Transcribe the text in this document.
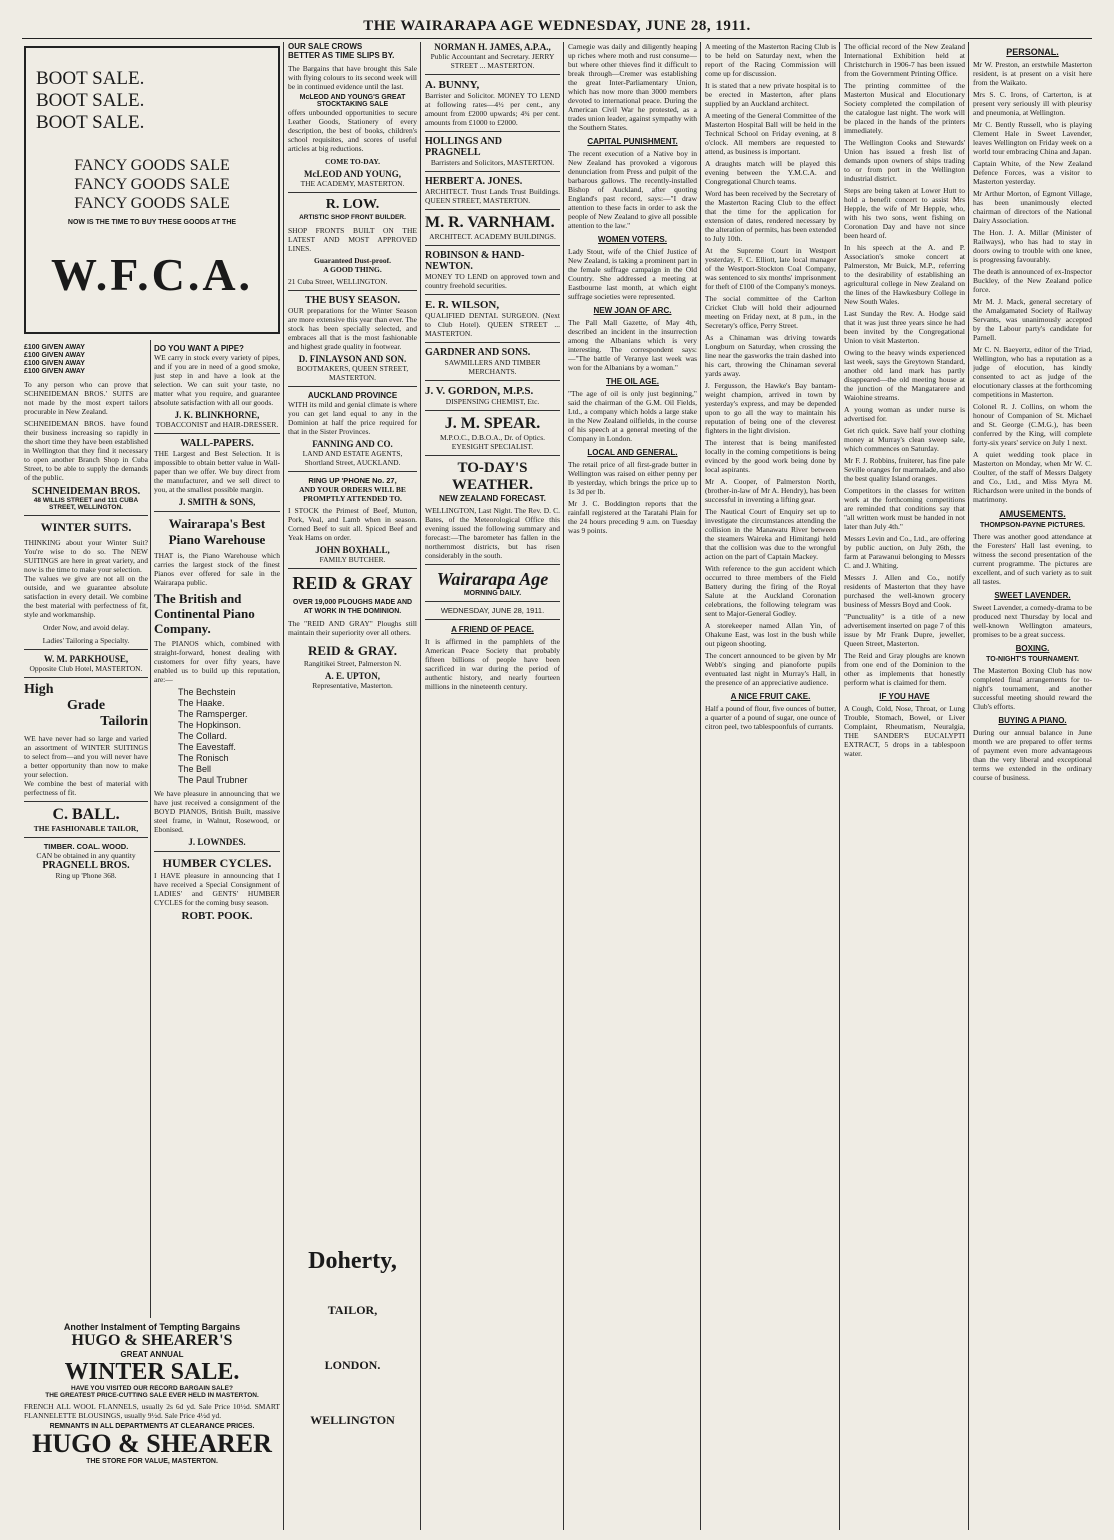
THE WAIRARAPA AGE WEDNESDAY, JUNE 28, 1911.
BOOT SALE.
BOOT SALE.
BOOT SALE.
FANCY GOODS SALE
FANCY GOODS SALE
FANCY GOODS SALE
NOW IS THE TIME TO BUY THESE GOODS AT THE
W.F.C.A.
£100 GIVEN AWAY
£100 GIVEN AWAY
£100 GIVEN AWAY
£100 GIVEN AWAY

To any person who can prove that SCHNEIDEMAN BROS.' SUITS are not made by the most expert tailors procurable in New Zealand.

SCHNEIDEMAN BROS. have found their business increasing so rapidly in the short time they have been established in Wellington that they find it necessary to open another Branch Shop in Cuba Street, to be able to supply the demands of the public.

SCHNEIDEMAN BROS.
48 WILLIS STREET and 111 CUBA STREET, WELLINGTON.
WINTER SUITS.

THINKING about your Winter Suit? You're wise to do so. The NEW SUITINGS are here in great variety, and now is the time to make your selection.

The values we give are not all on the outside, and we guarantee absolute satisfaction in every detail. We combine the best material with perfectness of fit, style and workmanship.

Order Now, and avoid delay.

Ladies' Tailoring a Specialty.

W. M. PARKHOUSE,

Opposite Club Hotel, MASTERTON.

High
Grade
Tailorin

WE have never had so large and varied an assortment of WINTER SUITINGS to select from—and you will never have a better opportunity than now to make your selection.

We combine the best of material with perfectness of fit.

C. BALL.

THE FASHIONABLE TAILOR,

TIMBER. COAL. WOOD.

CAN be obtained in any quantity

PRAGNELL BROS.

Ring up 'Phone 368.

DO YOU WANT A PIPE?

WE carry in stock every variety of pipes, and if you are in need of a good smoke, just step in and have a look at the selection. We can suit your taste, no matter what you require, and guarantee absolute satisfaction with all our goods.

J. K. BLINKHORNE,

TOBACCONIST and HAIR-DRESSER.

WALL-PAPERS.

THE Largest and Best Selection. It is impossible to obtain better value in Wall-paper than we offer. We buy direct from the manufacturer, and we sell direct to you, at the smallest possible margin.

J. SMITH & SONS,
Wairarapa's Best
Piano Warehouse

THAT is, the Piano Warehouse which carries the largest stock of the finest Pianos ever offered for sale in the Wairarapa public.

The British and Continental Piano Company.

The PIANOS which, combined with straight-forward, honest dealing with customers for over fifty years, have enabled us to build up this reputation, are:—

The Bechstein
The Haake.
The Ramsperger.
The Hopkinson.
The Collard.
The Eavestaff.
The Ronisch
The Bell
The Paul Trubner

We have pleasure in announcing that we have just received a consignment of the BOYD PIANOS, British Built, massive steel frame, in Walnut, Rosewood, or Ebonised.

J. LOWNDES.
HUMBER CYCLES.

I HAVE pleasure in announcing that I have received a Special Consignment of LADIES' and GENTS' HUMBER CYCLES for the coming busy season.

ROBT. POOK.
Another Instalment of Tempting Bargains
HUGO & SHEARER'S
GREAT ANNUAL
WINTER SALE.
HAVE YOU VISITED OUR RECORD BARGAIN SALE?
THE GREATEST PRICE-CUTTING SALE EVER HELD IN MASTERTON.

FRENCH ALL WOOL FLANNELS, usually 2s 6d yd. Sale Price 10½d. SMART FLANNELETTE BLOUSINGS, usually 9½d. Sale Price 4½d yd.

REMNANTS IN ALL DEPARTMENTS AT CLEARANCE PRICES.
HUGO & SHEARER
THE STORE FOR VALUE, MASTERTON.
OUR SALE CROWS
BETTER AS TIME SLIPS BY.

The Bargains that have brought this Sale with flying colours to its second week will be in continued evidence until the last.

McLEOD AND YOUNG'S GREAT STOCKTAKING SALE

offers unbounded opportunities to secure Leather Goods, Stationery of every description, the best of books, children's school requisites, and scores of useful articles at big reductions.

COME TO-DAY.

McLEOD AND YOUNG,

THE ACADEMY, MASTERTON.

R. LOW.

ARTISTIC SHOP FRONT BUILDER.

SHOP FRONTS BUILT ON THE LATEST AND MOST APPROVED LINES.

Guaranteed Dust-proof.

A GOOD THING.

21 Cuba Street, WELLINGTON.

THE BUSY SEASON.

OUR preparations for the Winter Season are more extensive this year than ever. The stock has been specially selected, and embraces all that is the most fashionable and highest grade quality in footwear.

D. FINLAYSON AND SON.

BOOTMAKERS, QUEEN STREET, MASTERTON.

AUCKLAND PROVINCE

WITH its mild and genial climate is where you can get land equal to any in the Dominion at half the price required for that in the Sister Provinces.

FANNING AND CO.

LAND AND ESTATE AGENTS, Shortland Street, AUCKLAND.

RING UP 'PHONE No. 27,

AND YOUR ORDERS WILL BE PROMPTLY ATTENDED TO.

I STOCK the Primest of Beef, Mutton, Pork, Veal, and Lamb when in season. Corned Beef to suit all. Spiced Beef and Yeak Hams on order.

JOHN BOXHALL,

FAMILY BUTCHER.

REID & GRAY

OVER 19,000 PLOUGHS MADE AND AT WORK IN THE DOMINION.

The "REID AND GRAY" Ploughs still maintain their superiority over all others.

REID & GRAY.

Rangitikei Street, Palmerston N.

A. E. UPTON,

Representative, Masterton.

NORMAN H. JAMES, A.P.A.,

Public Accountant and Secretary. JERRY STREET ... MASTERTON.

A. BUNNY,

Barrister and Solicitor. MONEY TO LEND at following rates—4½ per cent., any amount from £2000 upwards; 4¾ per cent. amounts from £1000 to £2000.

HOLLINGS AND PRAGNELL

Barristers and Solicitors, MASTERTON.

HERBERT A. JONES.

ARCHITECT. Trust Lands Trust Buildings. QUEEN STREET, MASTERTON.

M. R. VARNHAM.

ARCHITECT. ACADEMY BUILDINGS.

ROBINSON & HAND-NEWTON.

MONEY TO LEND on approved town and country freehold securities.

E. R. WILSON,

QUALIFIED DENTAL SURGEON. (Next to Club Hotel). QUEEN STREET ... MASTERTON.

GARDNER AND SONS.

SAWMILLERS AND TIMBER MERCHANTS.

J. V. GORDON, M.P.S.

DISPENSING CHEMIST, Etc.

J. M. SPEAR.

M.P.O.C., D.B.O.A., Dr. of Optics. EYESIGHT SPECIALIST.

TO-DAY'S WEATHER.
NEW ZEALAND FORECAST.

WELLINGTON, Last Night. The Rev. D. C. Bates, of the Meteorological Office this evening issued the following summary and forecast:—The barometer has fallen in the northernmost districts, but has risen considerably in the south.

Wairarapa Age
MORNING DAILY.
WEDNESDAY, JUNE 28, 1911.
A FRIEND OF PEACE.

It is affirmed in the pamphlets of the American Peace Society that probably fifteen billions of people have been sacrificed in war during the period of authentic history, and nearly fourteen millions in the nineteenth century.

Doherty,
TAILOR,
LONDON.
WELLINGTON

Carnegie was daily and diligently heaping up riches where moth and rust consume—but where other thieves find it difficult to break through—Cremer was establishing the great Inter-Parliamentary Union, which has now more than 3000 members devoted to international peace. During the American Civil War he protested, as a trades union leader, against sympathy with the Southern States.

CAPITAL PUNISHMENT.

The recent execution of a Native boy in New Zealand has provoked a vigorous denunciation from Press and pulpit of the barbarous gallows. The recently-installed Bishop of Auckland, after quoting England's past record, says:—"I draw attention to these facts in order to ask the people of New Zealand to give all possible attention to the law."

WOMEN VOTERS.

Lady Stout, wife of the Chief Justice of New Zealand, is taking a prominent part in the female suffrage campaign in the Old Country. She addressed a meeting at Eastbourne last month, at which eight suffrage societies were represented.

NEW JOAN OF ARC.

The Pall Mall Gazette, of May 4th, described an incident in the insurrection among the Albanians which is very interesting. The correspondent says:—"The battle of Veranye last week was won for the Albanians by a woman."

THE OIL AGE.

"The age of oil is only just beginning," said the chairman of the G.M. Oil Fields, Ltd., a company which holds a large stake in the New Zealand oilfields, in the course of his speech at a general meeting of the Company in London.

LOCAL AND GENERAL.

The retail price of all first-grade butter in Wellington was raised on either penny per lb yesterday, which brings the price up to 1s 3d per lb.

Mr J. C. Boddington reports that the rainfall registered at the Taratahi Plain for the 24 hours preceding 9 a.m. on Tuesday was 9 points.

A meeting of the Masterton Racing Club is to be held on Saturday next, when the report of the Racing Commission will come up for discussion.

It is stated that a new private hospital is to be erected in Masterton, after plans supplied by an Auckland architect.

A meeting of the General Committee of the Masterton Hospital Ball will be held in the Technical School on Friday evening, at 8 o'clock. All members are requested to attend, as business is important.

A draughts match will be played this evening between the Y.M.C.A. and Congregational Church teams.

Word has been received by the Secretary of the Masterton Racing Club to the effect that the time for the application for extension of dates, rendered necessary by the alteration of permits, has been extended to July 10th.

At the Supreme Court in Westport yesterday, F. C. Elliott, late local manager of the Westport-Stockton Coal Company, was sentenced to six months' imprisonment for theft of £100 of the Company's moneys.

The social committee of the Carlton Cricket Club will hold their adjourned meeting on Friday next, at 8 p.m., in the Secretary's office, Perry Street.

As a Chinaman was driving towards Longburn on Saturday, when crossing the line near the gasworks the train dashed into his cart, throwing the Chinaman several yards away.

J. Fergusson, the Hawke's Bay bantam-weight champion, arrived in town by yesterday's express, and may be depended upon to go all the way to maintain his reputation of being one of the cleverest fighters in the light division.

The interest that is being manifested locally in the coming competitions is being evinced by the good work being done by local aspirants.

Mr A. Cooper, of Palmerston North, (brother-in-law of Mr A. Hendry), has been successful in inventing a lifting gear.

The Nautical Court of Enquiry set up to investigate the circumstances attending the collision in the Manawatu River between the steamers Waireka and Himitangi held that the collision was due to the wrongful action on the part of Captain Mackey.

With reference to the gun accident which occurred to three members of the Field Battery during the firing of the Royal Salute at the Auckland Coronation celebrations, the following telegram was sent to Major-General Godley.

A storekeeper named Allan Yin, of Ohakune East, was lost in the bush while out pigeon shooting.

The concert announced to be given by Mr Webb's singing and pianoforte pupils eventuated last night in Murray's Hall, in the presence of an appreciative audience.

A NICE FRUIT CAKE.

Half a pound of flour, five ounces of butter, a quarter of a pound of sugar, one ounce of citron peel, two tablespoonfuls of currants.

The official record of the New Zealand International Exhibition held at Christchurch in 1906-7 has been issued from the Government Printing Office.

The printing committee of the Masterton Musical and Elocutionary Society completed the compilation of the catalogue last night. The work will be placed in the hands of the printers immediately.

The Wellington Cooks and Stewards' Union has issued a fresh list of demands upon owners of ships trading to or from port in the Wellington industrial district.

Steps are being taken at Lower Hutt to hold a benefit concert to assist Mrs Hepple, the wife of Mr Hepple, who, with his two sons, went fishing on Coronation Day and have not since been heard of.

In his speech at the A. and P. Association's smoke concert at Palmerston, Mr Buick, M.P., referring to the desirability of establishing an agricultural college in New Zealand on the lines of the Hawkesbury College in New South Wales.

Last Sunday the Rev. A. Hodge said that it was just three years since he had been invited by the Congregational Union to visit Masterton.

Owing to the heavy winds experienced last week, says the Greytown Standard, another old land mark has partly disappeared—the old meeting house at the junction of the Mangatarere and Waiohine streams.

A young woman as under nurse is advertised for.

Get rich quick. Save half your clothing money at Murray's clean sweep sale, which commences on Saturday.

Mr F. J. Robbins, fruiterer, has fine pale Seville oranges for marmalade, and also the best quality Island oranges.

Competitors in the classes for written work at the forthcoming competitions are reminded that conditions say that "all written work must be handed in not later than July 4th."

Messrs Levin and Co., Ltd., are offering by public auction, on July 26th, the farm at Parawanui belonging to Messrs C. and J. Whiting.

Messrs J. Allen and Co., notify residents of Masterton that they have purchased the well-known grocery business of Messrs Boyd and Cook.

"Punctuality" is a title of a new advertisement inserted on page 7 of this issue by Mr Frank Dupre, jeweller, Queen Street, Masterton.

The Reid and Gray ploughs are known from one end of the Dominion to the other as implements that honestly perform what is claimed for them.

IF YOU HAVE

A Cough, Cold, Nose, Throat, or Lung Trouble, Stomach, Bowel, or Liver Complaint, Rheumatism, Neuralgia, THE SANDER'S EUCALYPTI EXTRACT, 5 drops in a tablespoon water.

PERSONAL.

Mr W. Preston, an erstwhile Masterton resident, is at present on a visit here from the Waikato.

Mrs S. C. Irons, of Carterton, is at present very seriously ill with pleurisy and pneumonia, at Wellington.

Mr C. Bently Russell, who is playing Clement Hale in Sweet Lavender, leaves Wellington on Friday week on a world tour embracing China and Japan.

Captain White, of the New Zealand Defence Forces, was a visitor to Masterton yesterday.

Mr Arthur Morton, of Egmont Village, has been unanimously elected chairman of directors of the National Dairy Association.

The Hon. J. A. Millar (Minister of Railways), who has had to stay in doors owing to trouble with one knee, is progressing favourably.

The death is announced of ex-Inspector Buckley, of the New Zealand police force.

Mr M. J. Mack, general secretary of the Amalgamated Society of Railway Servants, was unanimously accepted by the Labour party's candidate for Parnell.

Mr C. N. Baeyertz, editor of the Triad, Wellington, who has a reputation as a judge of elocution, has kindly consented to act as judge of the elocutionary classes at the forthcoming competitions in Masterton.

Colonel R. J. Collins, on whom the honour of Companion of St. Michael and St. George (C.M.G.), has been conferred by the King, will complete forty-six years' service on July 1 next.

A quiet wedding took place in Masterton on Monday, when Mr W. C. Coulter, of the staff of Messrs Dalgety and Co., Ltd., and Miss Myra M. Richardson were united in the bonds of matrimony.

AMUSEMENTS.
THOMPSON-PAYNE PICTURES.

There was another good attendance at the Foresters' Hall last evening, to witness the second presentation of the current programme. The pictures are excellent, and of such variety as to suit all tastes.

SWEET LAVENDER.

Sweet Lavender, a comedy-drama to be produced next Thursday by local and well-known Wellington amateurs, promises to be a great success.

BOXING.
TO-NIGHT'S TOURNAMENT.

The Masterton Boxing Club has now completed final arrangements for to-night's tournament, and another successful meeting should reward the Club's efforts.

BUYING A PIANO.

During our annual balance in June month we are prepared to offer terms of payment even more advantageous than the very liberal and exceptional terms we extended in the ordinary course of business.
